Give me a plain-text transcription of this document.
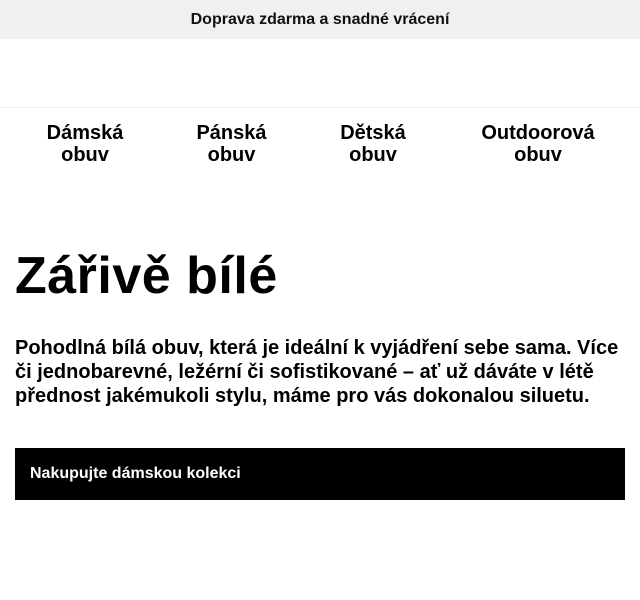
Doprava zdarma a snadné vrácení
Dámská
obuv
Pánská
obuv
Dětská
obuv
Outdoorová
obuv
Zářivě bílé

Pohodlná bílá obuv, která je ideální k vyjádření sebe sama. Více či jednobarevné, ležérní či sofistikované – ať už dáváte v létě přednost jakémukoli stylu, máme pro vás dokonalou siluetu.

Nakupujte dámskou kolekci
